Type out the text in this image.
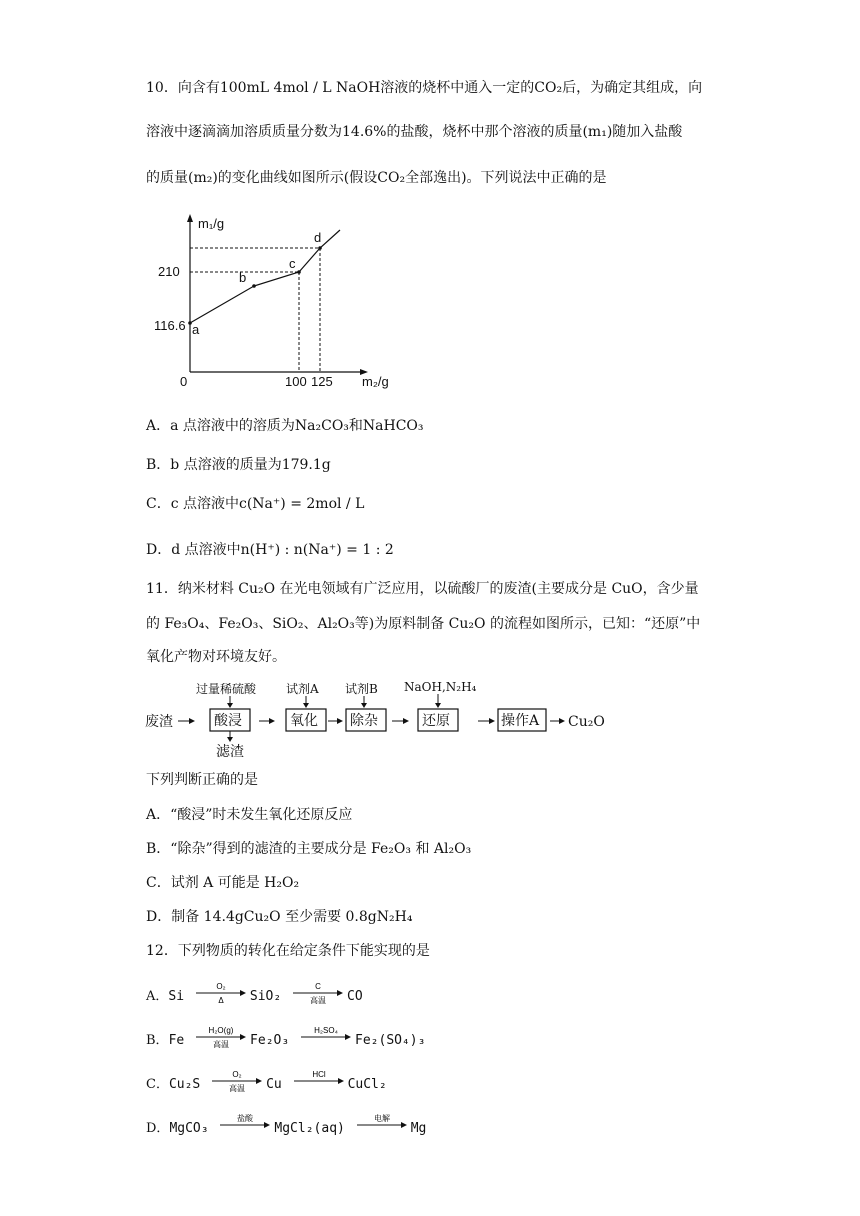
10．向含有100mL 4mol / L NaOH溶液的烧杯中通入一定的CO₂后，为确定其组成，向
溶液中逐滴滴加溶质质量分数为14.6%的盐酸，烧杯中那个溶液的质量(m₁)随加入盐酸
的质量(m₂)的变化曲线如图所示(假设CO₂全部逸出)。下列说法中正确的是
m₁/g
m₂/g
0	100 125
210
116.6 a
b
c
d
A．a 点溶液中的溶质为Na₂CO₃和NaHCO₃
B．b 点溶液的质量为179.1g
C．c 点溶液中c(Na⁺) = 2mol / L
D．d 点溶液中n(H⁺) : n(Na⁺) = 1 : 2
11．纳米材料 Cu₂O 在光电领域有广泛应用，以硫酸厂的废渣(主要成分是 CuO，含少量
的 Fe₃O₄、Fe₂O₃、SiO₂、Al₂O₃等)为原料制备 Cu₂O 的流程如图所示，已知：“还原”中
氧化产物对环境友好。
废渣	酸浸	氧化 除杂	还原	操作A Cu₂O
过量稀硫酸 试剂A 试剂B NaOH,N₂H₄
滤渣
下列判断正确的是
A．“酸浸”时未发生氧化还原反应
B．“除杂”得到的滤渣的主要成分是 Fe₂O₃ 和 Al₂O₃
C．试剂 A 可能是 H₂O₂
D．制备 14.4gCu₂O 至少需要 0.8gN₂H₄
12．下列物质的转化在给定条件下能实现的是
A．Si
O₂
Δ SiO₂
C
高温 CO
B．Fe
H₂O(g)
高温 Fe₂O₃
H₂SO₄
Fe₂(SO₄)₃
C．Cu₂S
O₂
高温 Cu
HCl
CuCl₂
D．MgCO₃
盐酸
MgCl₂(aq)
电解
Mg
